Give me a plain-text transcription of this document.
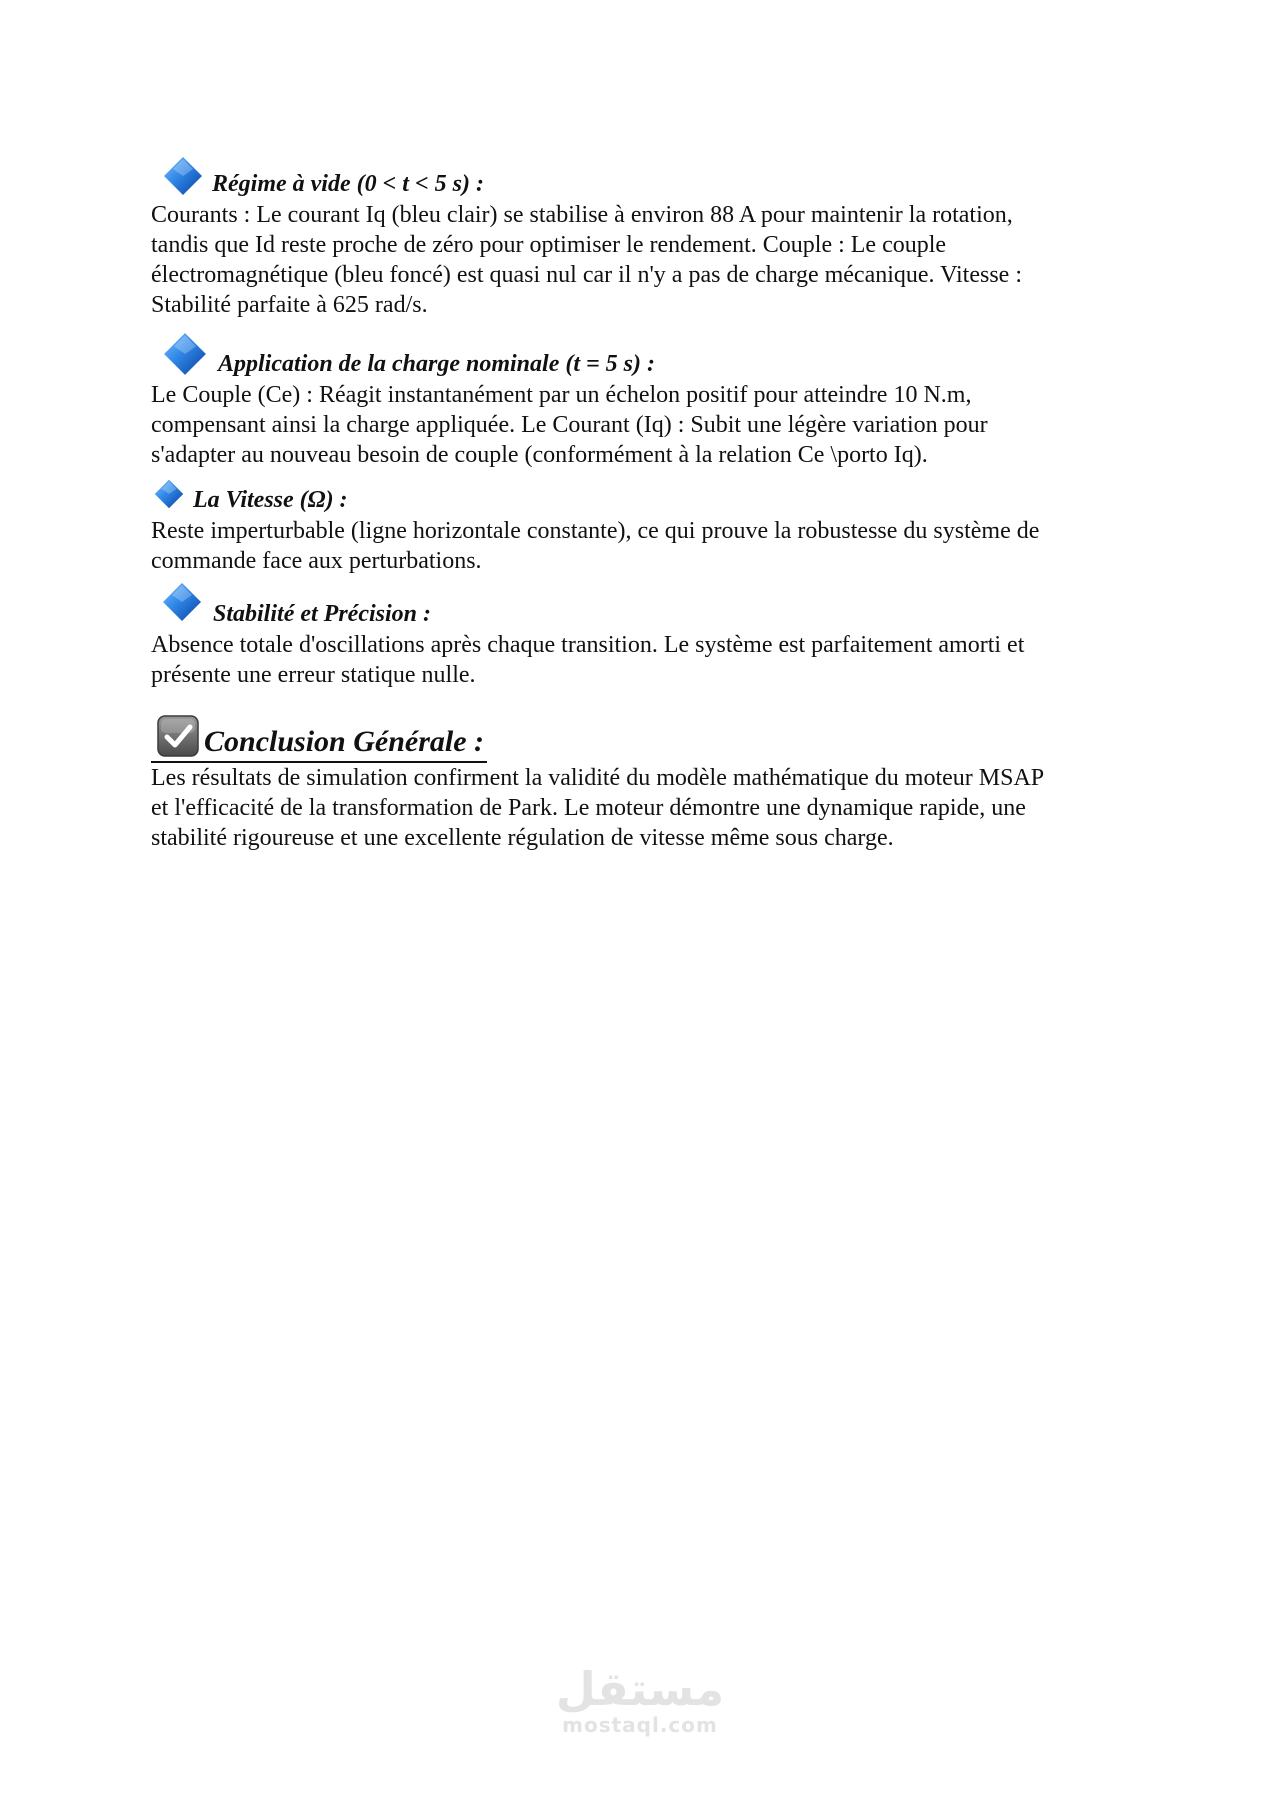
Régime à vide (0 < t < 5 s) :

Courants : Le courant Iq (bleu clair) se stabilise à environ 88 A pour maintenir la rotation,
tandis que Id reste proche de zéro pour optimiser le rendement. Couple : Le couple
électromagnétique (bleu foncé) est quasi nul car il n'y a pas de charge mécanique. Vitesse :
Stabilité parfaite à 625 rad/s.

Application de la charge nominale (t = 5 s) :

Le Couple (Ce) : Réagit instantanément par un échelon positif pour atteindre 10 N.m,
compensant ainsi la charge appliquée. Le Courant (Iq) : Subit une légère variation pour
s'adapter au nouveau besoin de couple (conformément à la relation Ce \porto Iq).

La Vitesse (Ω) :

Reste imperturbable (ligne horizontale constante), ce qui prouve la robustesse du système de
commande face aux perturbations.

Stabilité et Précision :

Absence totale d'oscillations après chaque transition. Le système est parfaitement amorti et
présente une erreur statique nulle.

Conclusion Générale :

Les résultats de simulation confirment la validité du modèle mathématique du moteur MSAP
et l'efficacité de la transformation de Park. Le moteur démontre une dynamique rapide, une
stabilité rigoureuse et une excellente régulation de vitesse même sous charge.

مستقل
mostaql.com
